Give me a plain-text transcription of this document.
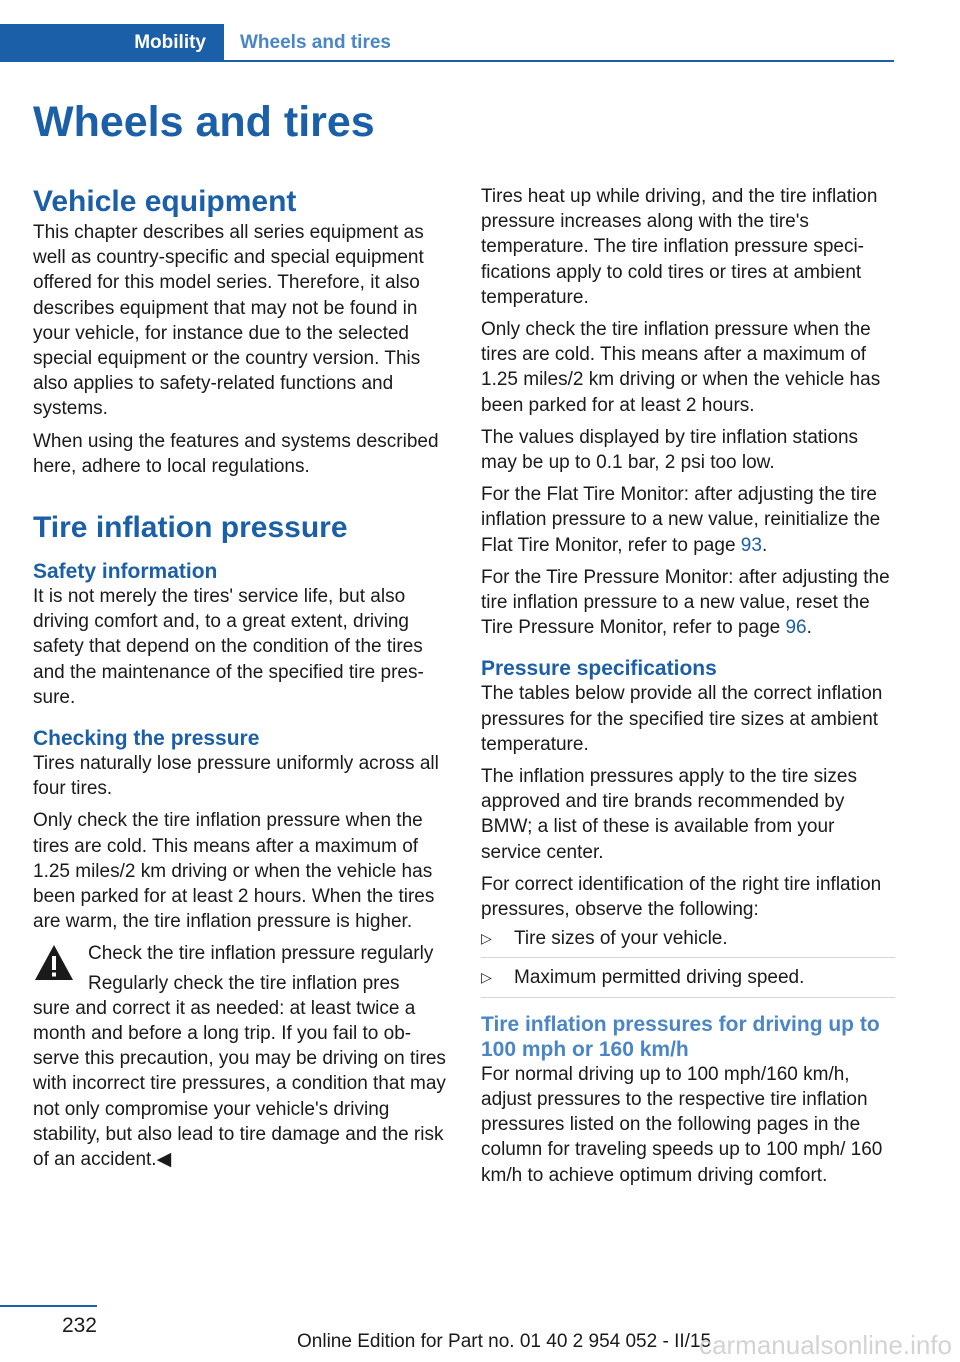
Mobility Wheels and tires
Wheels and tires
Vehicle equipment

This chapter describes all series equipment as well as country-specific and special equipment offered for this model series. Therefore, it also describes equipment that may not be found in your vehicle, for instance due to the selected special equipment or the country version. This also applies to safety-related functions and systems.

When using the features and systems described here, adhere to local regulations.

Tire inflation pressure
Safety information

It is not merely the tires' service life, but also driving comfort and, to a great extent, driving safety that depend on the condition of the tires and the maintenance of the specified tire pressure.

Checking the pressure

Tires naturally lose pressure uniformly across all four tires.

Only check the tire inflation pressure when the tires are cold. This means after a maximum of 1.25 miles/2 km driving or when the vehicle has been parked for at least 2 hours. When the tires are warm, the tire inflation pressure is higher.

Check the tire inflation pressure regularly

Regularly check the tire inflation pres

sure and correct it as needed: at least twice a month and before a long trip. If you fail to observe this precaution, you may be driving on tires with incorrect tire pressures, a condition that may not only compromise your vehicle's driving stability, but also lead to tire damage and the risk of an accident.◀

Tires heat up while driving, and the tire inflation pressure increases along with the tire's temperature. The tire inflation pressure specifications apply to cold tires or tires at ambient temperature.

Only check the tire inflation pressure when the tires are cold. This means after a maximum of 1.25 miles/2 km driving or when the vehicle has been parked for at least 2 hours.

The values displayed by tire inflation stations may be up to 0.1 bar, 2 psi too low.

For the Flat Tire Monitor: after adjusting the tire inflation pressure to a new value, reinitialize the Flat Tire Monitor, refer to page 93.

For the Tire Pressure Monitor: after adjusting the tire inflation pressure to a new value, reset the Tire Pressure Monitor, refer to page 96.

Pressure specifications

The tables below provide all the correct inflation pressures for the specified tire sizes at ambient temperature.

The inflation pressures apply to the tire sizes approved and tire brands recommended by BMW; a list of these is available from your service center.

For correct identification of the right tire inflation pressures, observe the following:

▷ Tire sizes of your vehicle.
▷ Maximum permitted driving speed.
Tire inflation pressures for driving up to 100 mph or 160 km/h

For normal driving up to 100 mph/160 km/h, adjust pressures to the respective tire inflation pressures listed on the following pages in the column for traveling speeds up to 100 mph/ 160 km/h to achieve optimum driving comfort.

232
Online Edition for Part no. 01 40 2 954 052 - II/15
carmanualsonline.info
